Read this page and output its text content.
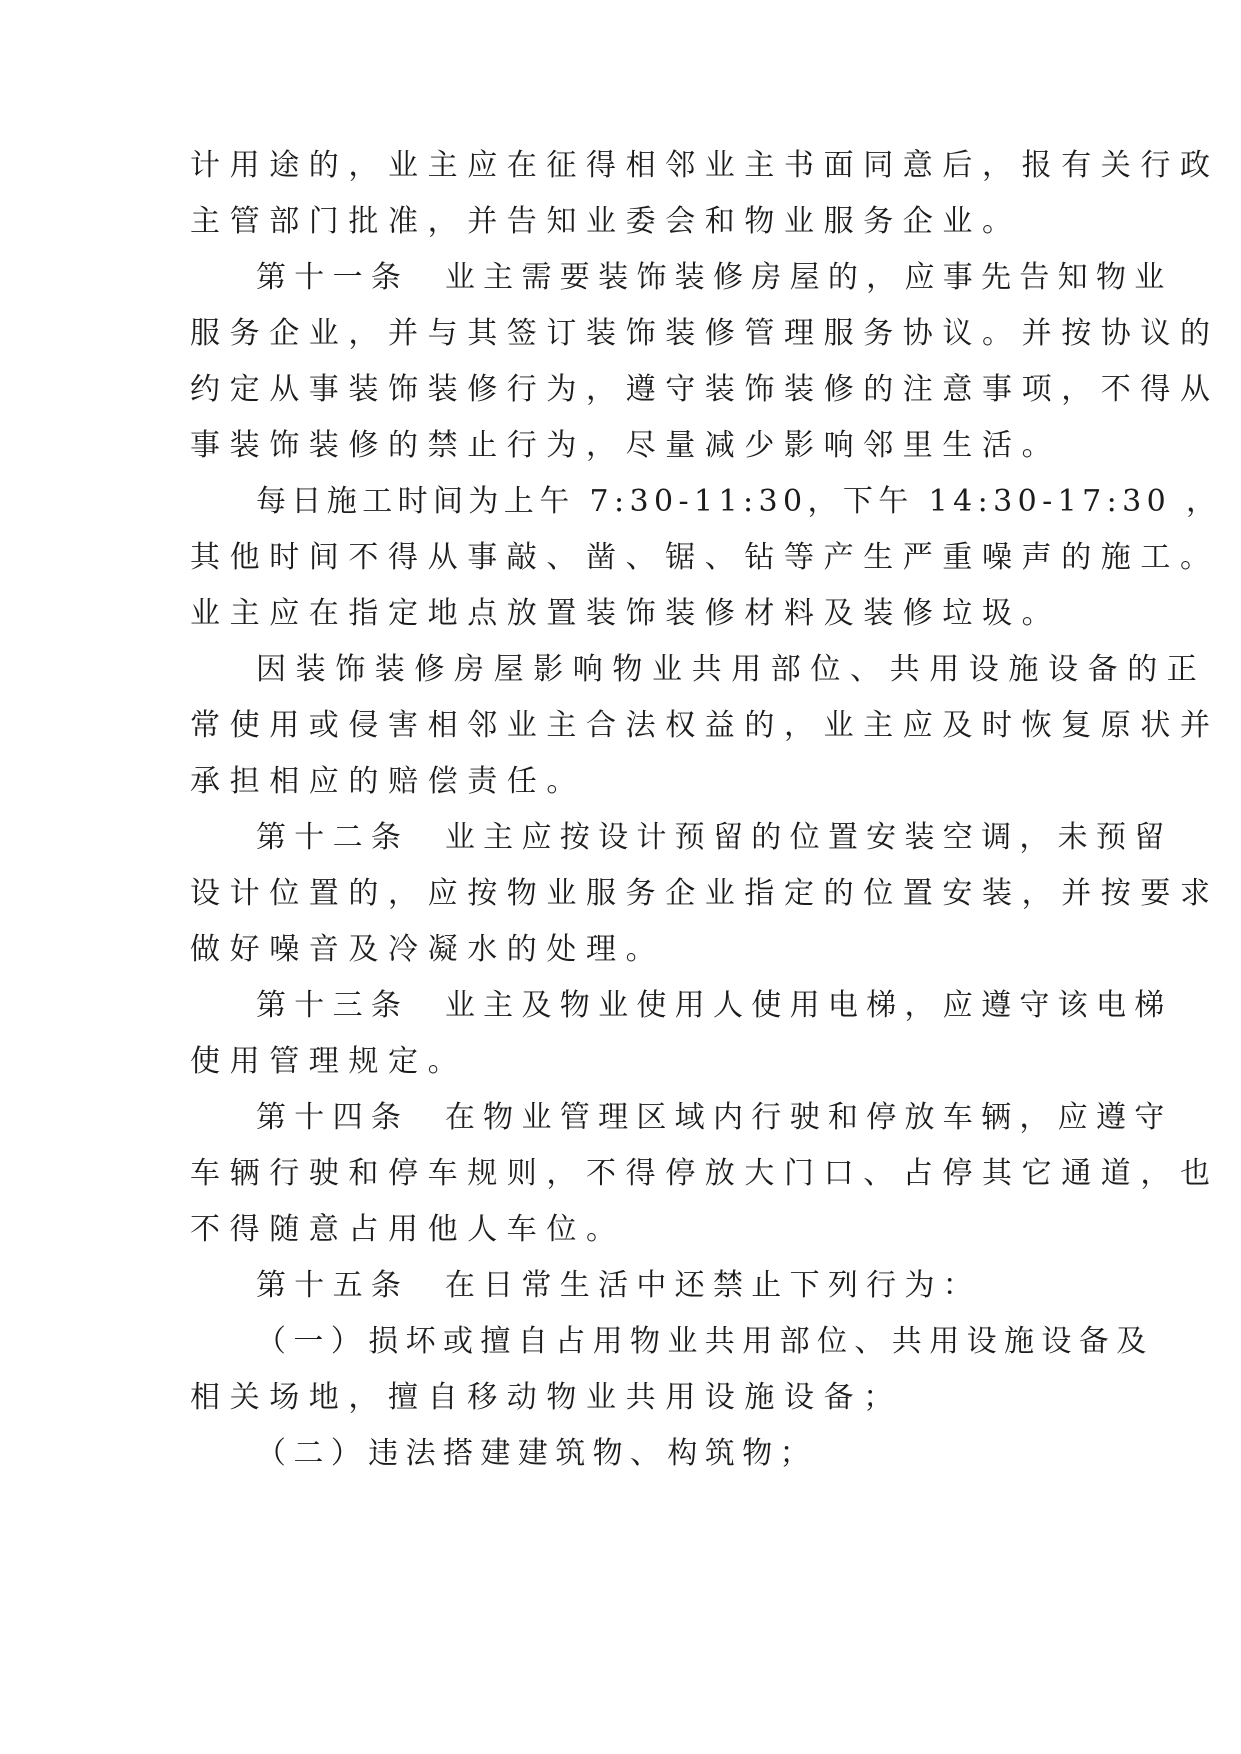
计用途的，业主应在征得相邻业主书面同意后，报有关行政
主管部门批准，并告知业委会和物业服务企业。
第十一条  业主需要装饰装修房屋的，应事先告知物业
服务企业，并与其签订装饰装修管理服务协议。并按协议的
约定从事装饰装修行为，遵守装饰装修的注意事项，不得从
事装饰装修的禁止行为，尽量减少影响邻里生活。
每日施工时间为上午 7:30-11:30，下午 14:30-17:30 ，
其他时间不得从事敲、凿、锯、钻等产生严重噪声的施工。
业主应在指定地点放置装饰装修材料及装修垃圾。
因装饰装修房屋影响物业共用部位、共用设施设备的正
常使用或侵害相邻业主合法权益的，业主应及时恢复原状并
承担相应的赔偿责任。
第十二条  业主应按设计预留的位置安装空调，未预留
设计位置的，应按物业服务企业指定的位置安装，并按要求
做好噪音及冷凝水的处理。
第十三条  业主及物业使用人使用电梯，应遵守该电梯
使用管理规定。
第十四条  在物业管理区域内行驶和停放车辆，应遵守
车辆行驶和停车规则，不得停放大门口、占停其它通道，也
不得随意占用他人车位。
第十五条  在日常生活中还禁止下列行为：
（一）损坏或擅自占用物业共用部位、共用设施设备及
相关场地，擅自移动物业共用设施设备；
（二）违法搭建建筑物、构筑物；
